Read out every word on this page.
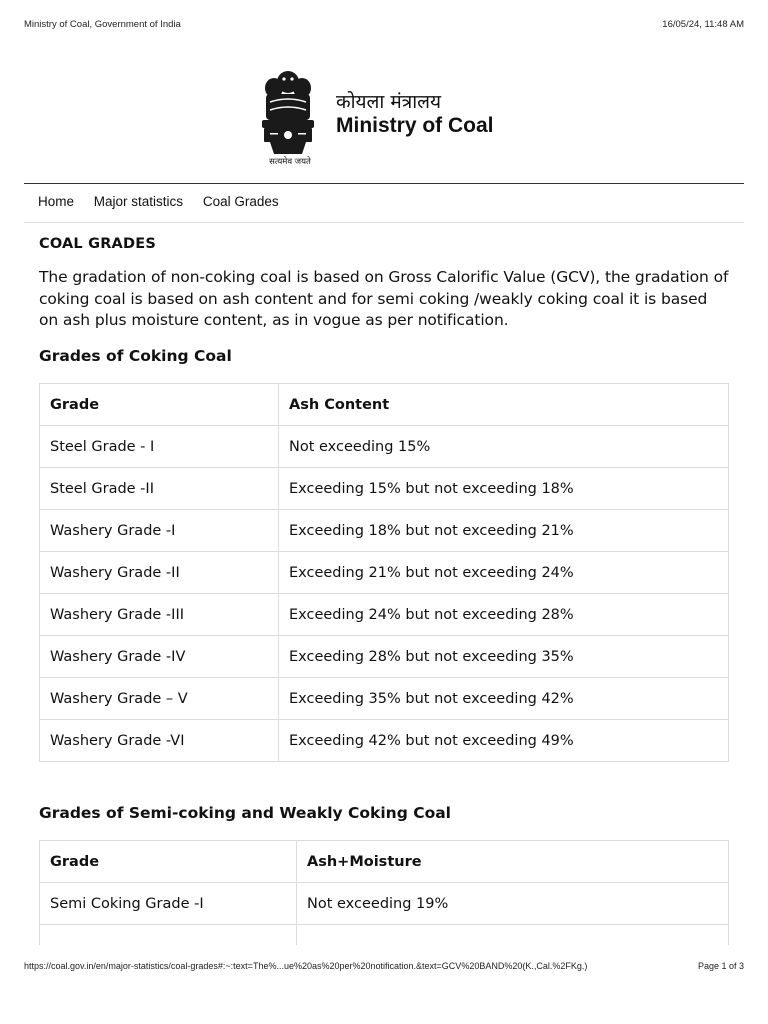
Ministry of Coal, Government of India	16/05/24, 11:48 AM
सत्यमेव जयते
कोयला मंत्रालय
Ministry of Coal
Home Major statistics Coal Grades
COAL GRADES

The gradation of non-coking coal is based on Gross Calorific Value (GCV), the gradation of coking coal is based on ash content and for semi coking /weakly coking coal it is based on ash plus moisture content, as in vogue as per notification.

Grades of Coking Coal
Grade	Ash Content
Steel Grade - I	Not exceeding 15%
Steel Grade -II	Exceeding 15% but not exceeding 18%
Washery Grade -I	Exceeding 18% but not exceeding 21%
Washery Grade -II	Exceeding 21% but not exceeding 24%
Washery Grade -III	Exceeding 24% but not exceeding 28%
Washery Grade -IV	Exceeding 28% but not exceeding 35%
Washery Grade – V	Exceeding 35% but not exceeding 42%
Washery Grade -VI	Exceeding 42% but not exceeding 49%
Grades of Semi-coking and Weakly Coking Coal
Grade	Ash+Moisture
Semi Coking Grade -I	Not exceeding 19%

https://coal.gov.in/en/major-statistics/coal-grades#:~:text=The%...ue%20as%20per%20notification.&text=GCV%20BAND%20(K.,Cal.%2FKg.)	Page 1 of 3
